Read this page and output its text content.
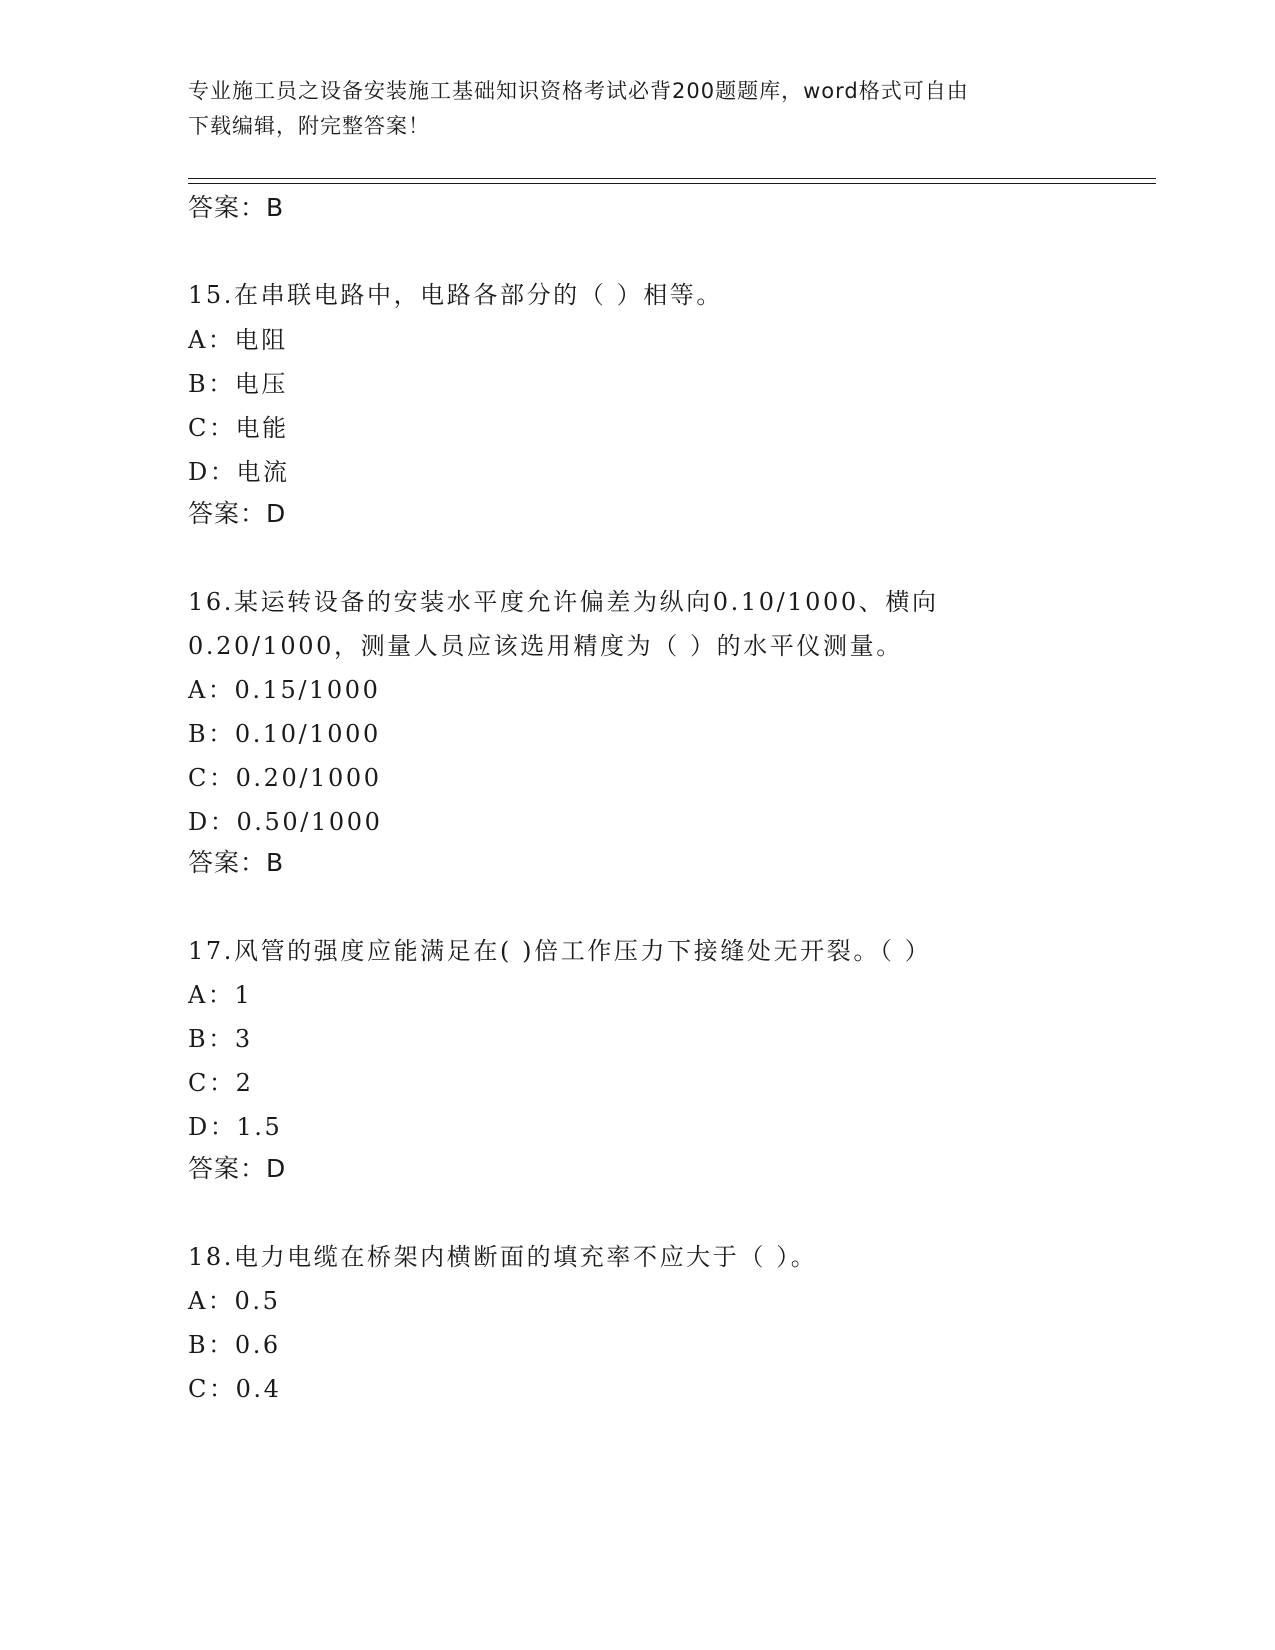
专业施工员之设备安装施工基础知识资格考试必背200题题库，word格式可自由
下载编辑，附完整答案！
答案：B
15.在串联电路中，电路各部分的（ ）相等。
A：电阻
B：电压
C：电能
D：电流
答案：D
16.某运转设备的安装水平度允许偏差为纵向0.10/1000、横向
0.20/1000，测量人员应该选用精度为（ ）的水平仪测量。
A：0.15/1000
B：0.10/1000
C：0.20/1000
D：0.50/1000
答案：B
17.风管的强度应能满足在( )倍工作压力下接缝处无开裂。（ ）
A：1
B：3
C：2
D：1.5
答案：D
18.电力电缆在桥架内横断面的填充率不应大于（ ）。
A：0.5
B：0.6
C：0.4
